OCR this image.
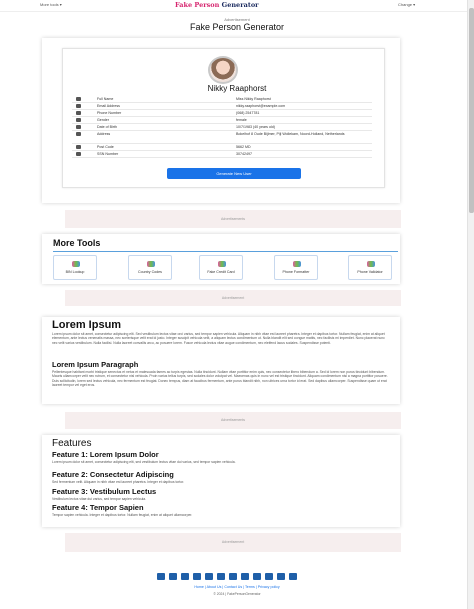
More tools ▾	Fake Person Generator	Change ▾
Advertisement
Fake Person Generator
Nikky Raaphorst
Full Name	Miss Nikky Raaphorst
Email Address	nikky.raaphorst@example.com
Phone Number	(068) 2547781
Gender	female
Date of Birth	10/7/1983 (40 years old)
Address	Bokelhof 8 Oude Bijlmer, Pijl Wollekam, Noord-Holland, Netherlands
Post Code	5662 MD
SSN Number	30742497
Generate New User
Advertisements
Advertisement
Advertisements
Advertisement
More Tools
BIN Lookup	Country Codes	Fake Credit Card	Phone Formatter	Phone Validator
Lorem Ipsum
Lorem ipsum dolor sit amet, consectetur adipiscing elit. Sed vestibulum lectus vitae orci varius, sed tempor sapien vehicula. Aliquam in nibh vitae est laoreet pharetra. Integer et dapibus tortor. Nullam feugiat, enim at aliquet elementum, ante lectus venenatis massa, nec scelerisque velit erat id justo. Integer suscipit vehicula velit, a aliquam lectus condimentum ut. Nulla blandit elit sed congue mattis, nec facilisis mi imperdiet. Nunc placerat nunc nec velit varius vestibulum. Nulla facilisi. Nulla laoreet convallis arcu, ac posuere lorem. Fusce vehicula lectus vitae augue condimentum, nec eleifend lacus sodales. Suspendisse potenti.
Lorem Ipsum Paragraph
Pellentesque habitant morbi tristique senectus et netus et malesuada fames ac turpis egestas. Nulla tincidunt. Nullam vitae porttitor enim quis, nec consectetur libero bibendum a. Sed id lorem non purus tincidunt bibendum. Mauris ullamcorper velit nec rutrum, et consectetur nisl vehicula. Proin varius tellus turpis, sed sodales dolor volutpat vel. Maecenas quis in nunc vel est tristique tincidunt. Aliquam condimentum nisl a magna porttitor posuere. Duis sollicitudin, lorem sed lectus vehicula, nec fermentum est feugiat. Donec tempus, diam at faucibus fermentum, ante purus blandit nibh, non ultrices urna tortor id erat. Sed dapibus ullamcorper. Suspendisse quam ut erat laoreet tempor vel eget eros.
Features
Feature 1: Lorem Ipsum Dolor
Lorem ipsum dolor sit amet, consectetur adipiscing elit, sed vestibulum lectus vitae dui varius, sed tempor sapien vehicula.
Feature 2: Consectetur Adipiscing
Sed fermentum velit. Aliquam in nibh vitae est laoreet pharetra. Integer et dapibus tortor.
Feature 3: Vestibulum Lectus
Vestibulum lectus vitae dui varius, sed tempor sapien vehicula.
Feature 4: Tempor Sapien
Tempor sapien vehicula. Integer et dapibus tortor. Nullam feugiat, enim at aliquet ullamcorper.
Home | About Us | Contact Us | Terms | Privacy policy
© 2024 | FakePersonGenerator
